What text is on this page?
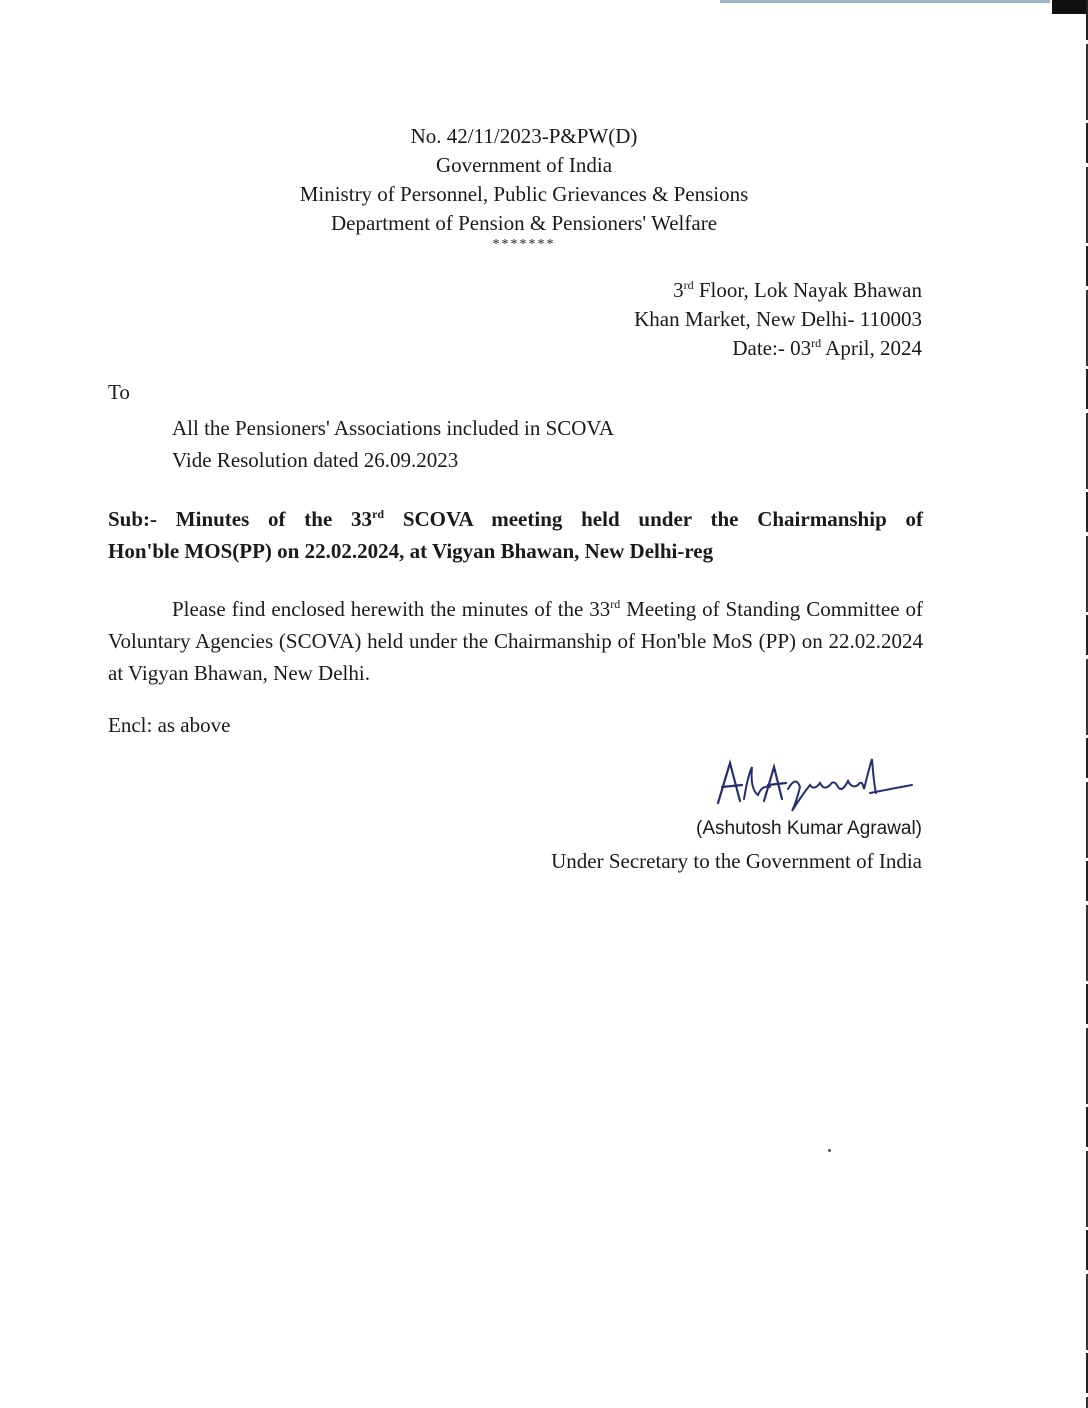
No. 42/11/2023-P&PW(D)
Government of India
Ministry of Personnel, Public Grievances & Pensions
Department of Pension & Pensioners' Welfare
*******
3rd Floor, Lok Nayak Bhawan
Khan Market, New Delhi- 110003
Date:- 03rd April, 2024
To
All the Pensioners' Associations included in SCOVA
Vide Resolution dated 26.09.2023
Sub:- Minutes of the 33rd SCOVA meeting held under the Chairmanship of
Hon'ble MOS(PP) on 22.02.2024, at Vigyan Bhawan, New Delhi-reg
Please find enclosed herewith the minutes of the 33rd Meeting of Standing Committee of Voluntary Agencies (SCOVA) held under the Chairmanship of Hon'ble MoS (PP) on 22.02.2024 at Vigyan Bhawan, New Delhi.
Encl: as above
(Ashutosh Kumar Agrawal)
Under Secretary to the Government of India
